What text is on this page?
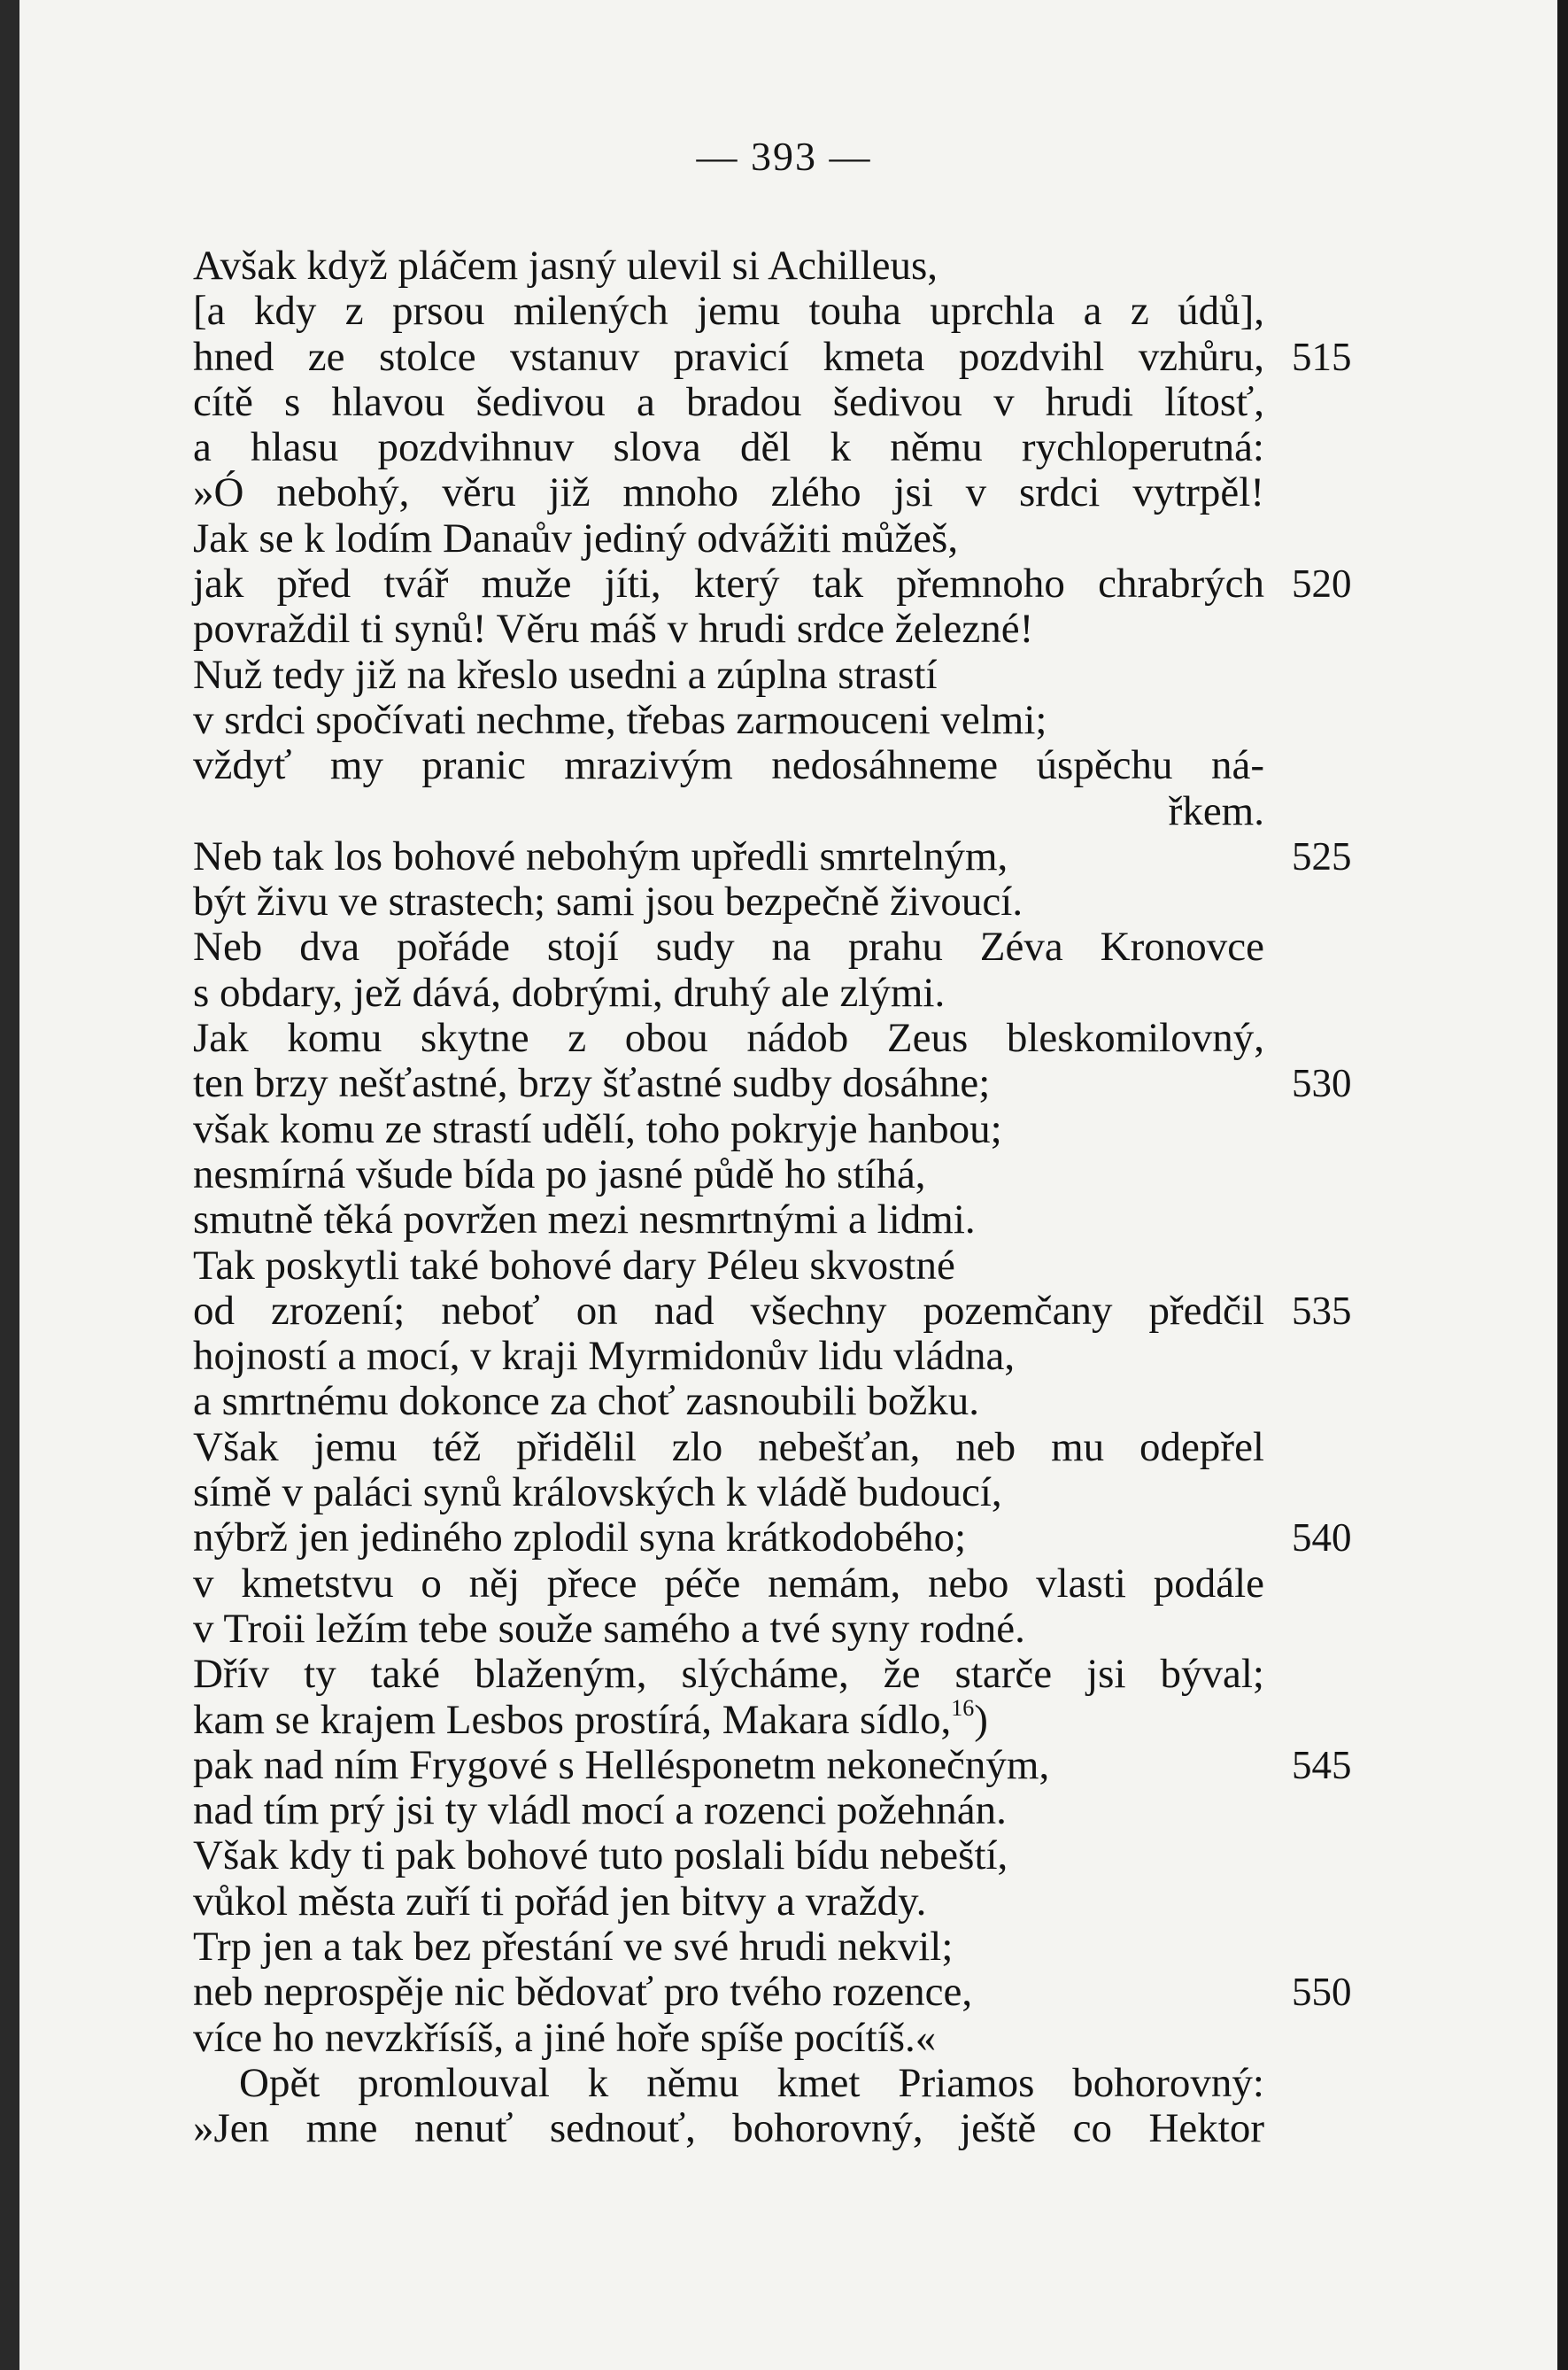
— 393 —
Avšak když pláčem jasný ulevil si Achilleus,
[a kdy z prsou milených jemu touha uprchla a z údů],
hned ze stolce vstanuv pravicí kmeta pozdvihl vzhůru, 515
cítě s hlavou šedivou a bradou šedivou v hrudi lítosť,
a hlasu pozdvihnuv slova děl k němu rychloperutná:
»Ó nebohý, věru již mnoho zlého jsi v srdci vytrpěl!
Jak se k lodím Danaův jediný odvážiti můžeš,
jak před tvář muže jíti, který tak přemnoho chrabrých 520
povraždil ti synů! Věru máš v hrudi srdce železné!
Nuž tedy již na křeslo usedni a zúplna strastí
v srdci spočívati nechme, třebas zarmouceni velmi;
vždyť my pranic mrazivým nedosáhneme úspěchu ná-
řkem.
Neb tak los bohové nebohým upředli smrtelným,	525
být živu ve strastech; sami jsou bezpečně živoucí.
Neb dva pořáde stojí sudy na prahu Zéva Kronovce
s obdary, jež dává, dobrými, druhý ale zlými.
Jak komu skytne z obou nádob Zeus bleskomilovný,
ten brzy nešťastné, brzy šťastné sudby dosáhne;	530
však komu ze strastí udělí, toho pokryje hanbou;
nesmírná všude bída po jasné půdě ho stíhá,
smutně těká povržen mezi nesmrtnými a lidmi.
Tak poskytli také bohové dary Péleu skvostné
od zrození; neboť on nad všechny pozemčany předčil 535
hojností a mocí, v kraji Myrmidonův lidu vládna,
a smrtnému dokonce za choť zasnoubili božku.
Však jemu též přidělil zlo nebešťan, neb mu odepřel
símě v paláci synů královských k vládě budoucí,
nýbrž jen jediného zplodil syna krátkodobého;	540
v kmetstvu o něj přece péče nemám, nebo vlasti podále
v Troii ležím tebe souže samého a tvé syny rodné.
Dřív ty také blaženým, slýcháme, že starče jsi býval;
kam se krajem Lesbos prostírá, Makara sídlo,$^{16}$)
pak nad ním Frygové s Hellésponetm nekonečným,	545
nad tím prý jsi ty vládl mocí a rozenci požehnán.
Však kdy ti pak bohové tuto poslali bídu nebeští,
vůkol města zuří ti pořád jen bitvy a vraždy.
Trp jen a tak bez přestání ve své hrudi nekvil;
neb neprospěje nic bědovať pro tvého rozence,	550
více ho nevzkřísíš, a jiné hoře spíše pocítíš.«
Opět promlouval k němu kmet Priamos bohorovný:
»Jen mne nenuť sednouť, bohorovný, ještě co Hektor
